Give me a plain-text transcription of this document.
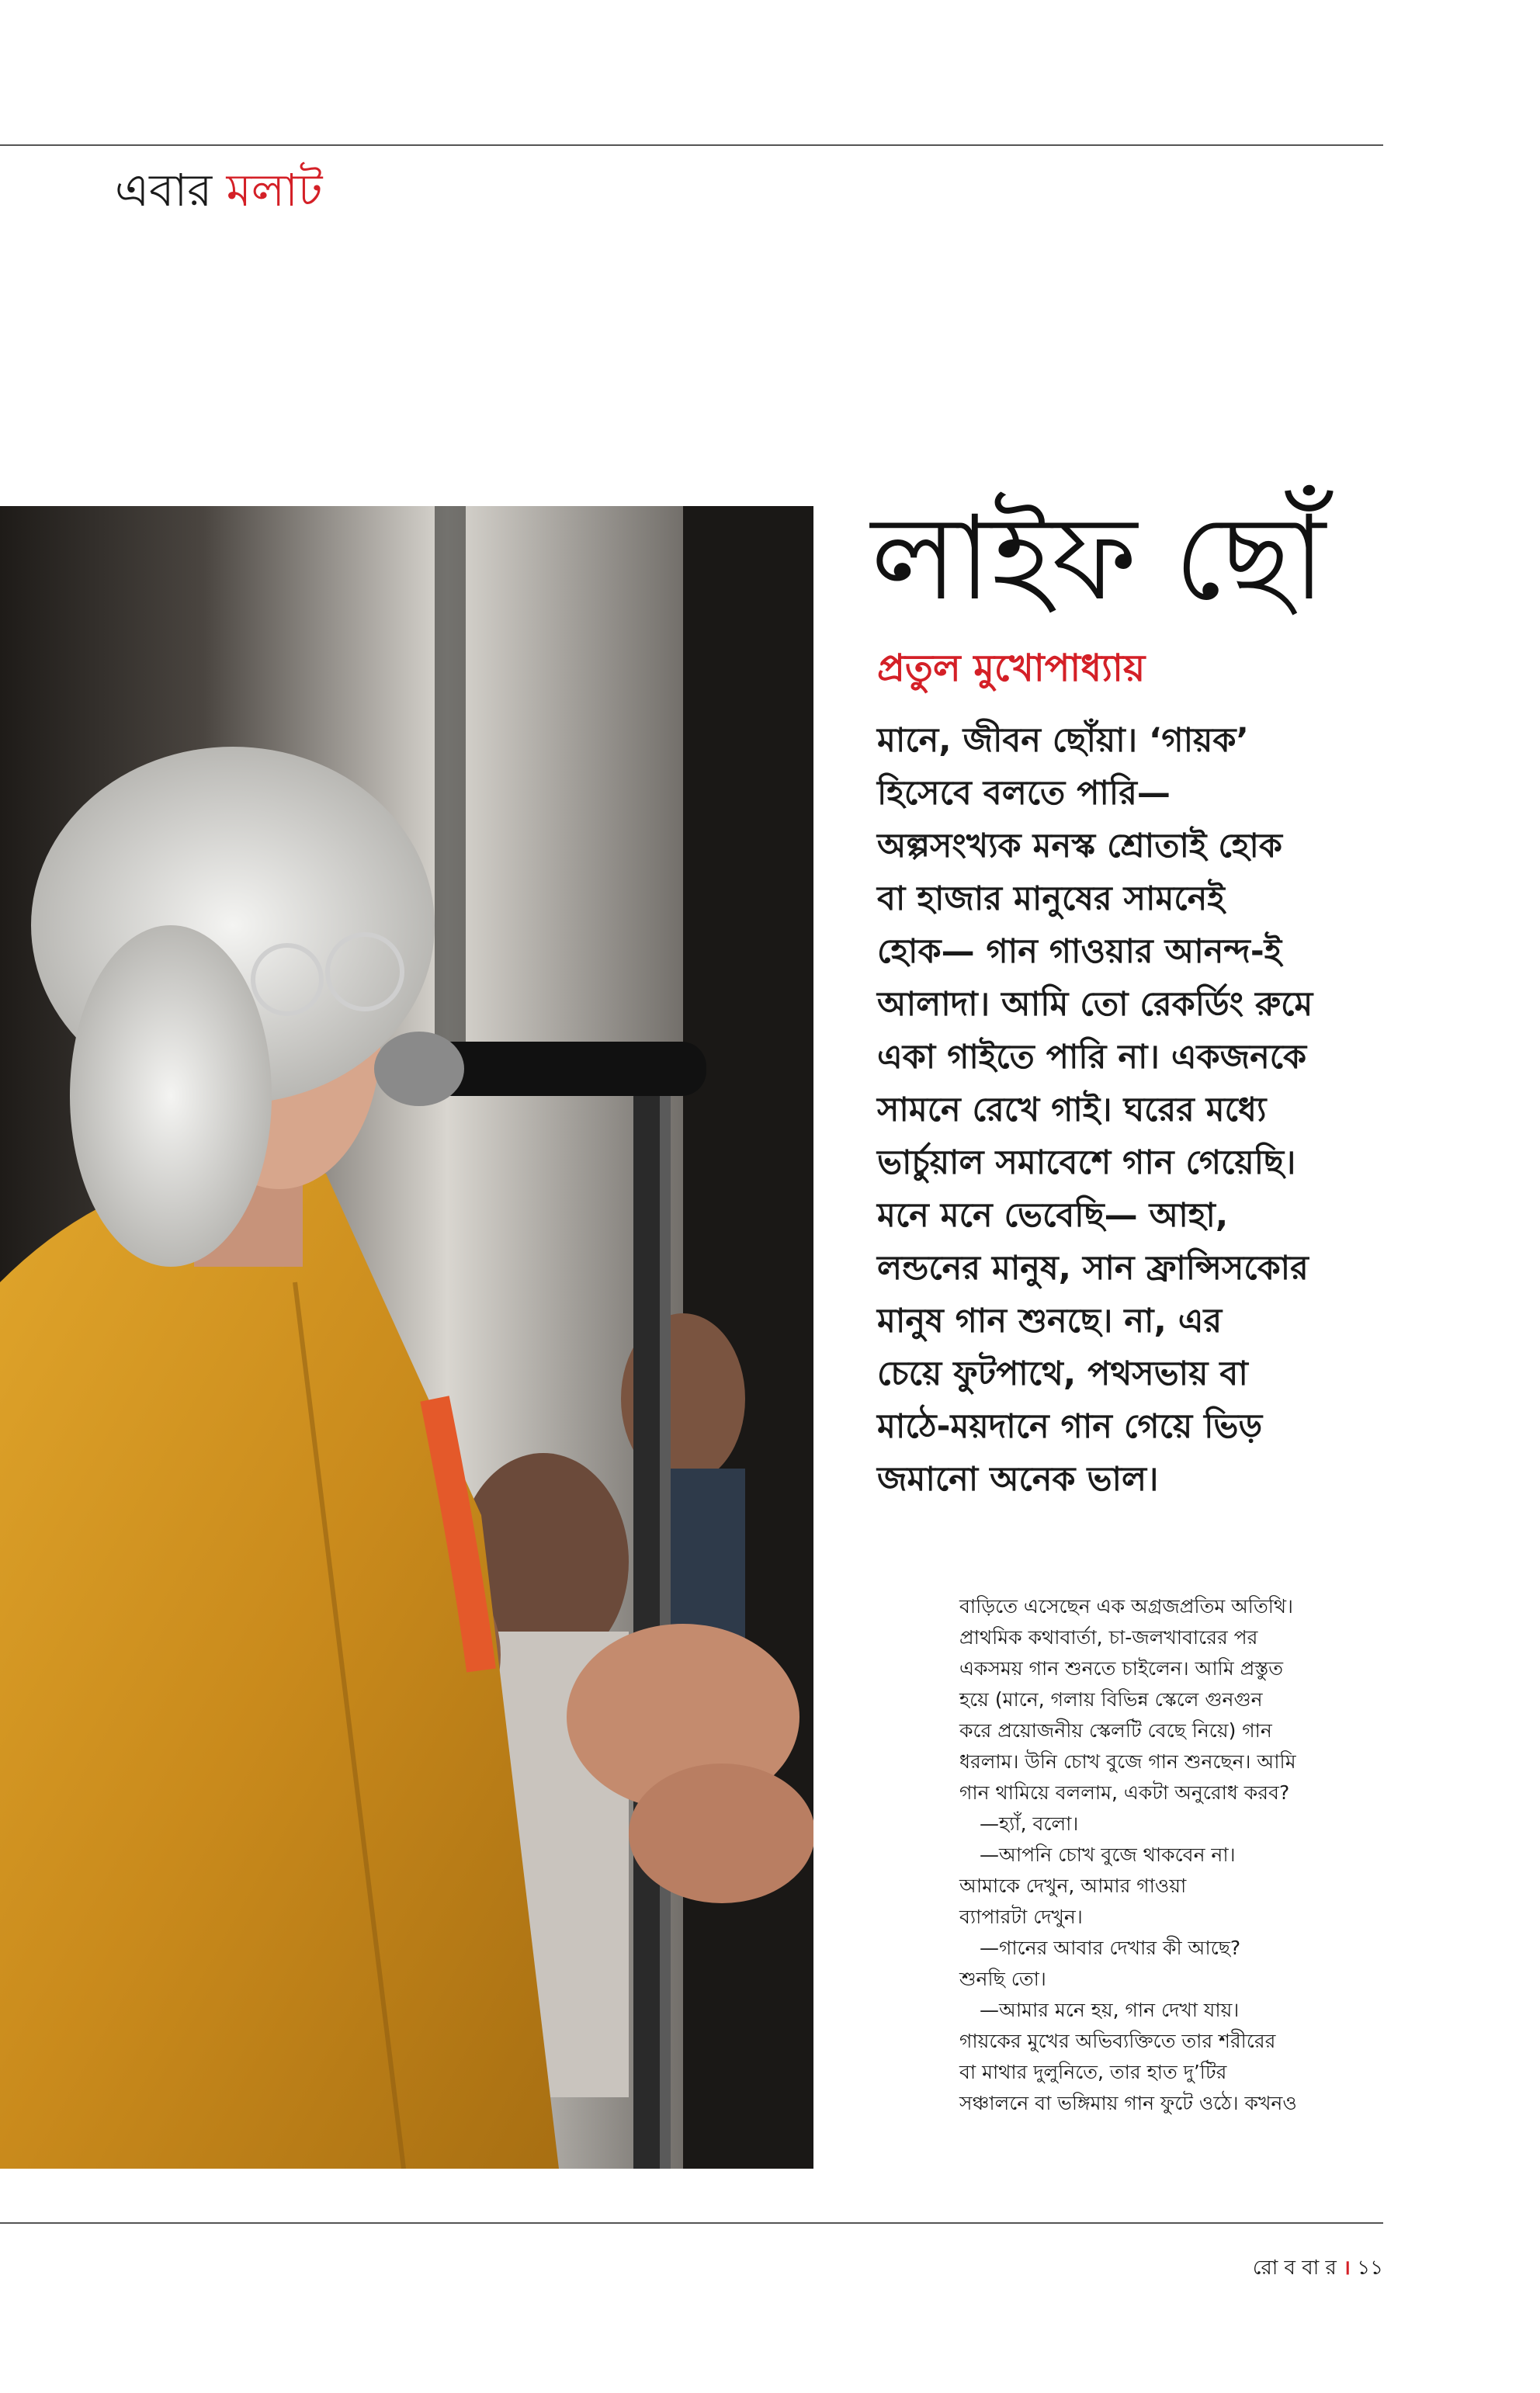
এবার মলাট
লাইফ ছোঁ
প্রতুল মুখোপাধ্যায়
মানে, জীবন ছোঁয়া। ‘গায়ক’
হিসেবে বলতে পারি—
অল্পসংখ্যক মনস্ক শ্রোতাই হোক
বা হাজার মানুষের সামনেই
হোক— গান গাওয়ার আনন্দ-ই
আলাদা। আমি তো রেকর্ডিং রুমে
একা গাইতে পারি না। একজনকে
সামনে রেখে গাই। ঘরের মধ্যে
ভার্চুয়াল সমাবেশে গান গেয়েছি।
মনে মনে ভেবেছি— আহা,
লন্ডনের মানুষ, সান ফ্রান্সিসকোর
মানুষ গান শুনছে। না, এর
চেয়ে ফুটপাথে, পথসভায় বা
মাঠে-ময়দানে গান গেয়ে ভিড়
জমানো অনেক ভাল।
বাড়িতে এসেছেন এক অগ্রজপ্রতিম অতিথি।
প্রাথমিক কথাবার্তা, চা-জলখাবারের পর
একসময় গান শুনতে চাইলেন। আমি প্রস্তুত
হয়ে (মানে, গলায় বিভিন্ন স্কেলে গুনগুন
করে প্রয়োজনীয় স্কেলটি বেছে নিয়ে) গান
ধরলাম। উনি চোখ বুজে গান শুনছেন। আমি
গান থামিয়ে বললাম, একটা অনুরোধ করব?
—হ্যাঁ, বলো।
—আপনি চোখ বুজে থাকবেন না।
আমাকে দেখুন, আমার গাওয়া
ব্যাপারটা দেখুন।
—গানের আবার দেখার কী আছে?
শুনছি তো।
—আমার মনে হয়, গান দেখা যায়।
গায়কের মুখের অভিব্যক্তিতে তার শরীরের
বা মাথার দুলুনিতে, তার হাত দু’টির
সঞ্চালনে বা ভঙ্গিমায় গান ফুটে ওঠে। কখনও
রো ব বা র । ১১
